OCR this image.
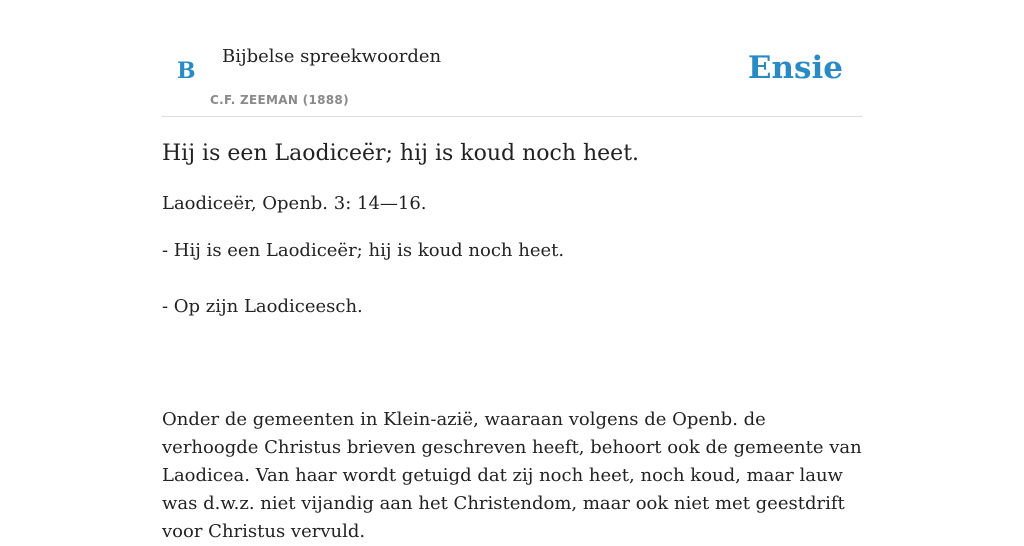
B
Bijbelse spreekwoorden
C.F. ZEEMAN (1888)
Ensie
Hij is een Laodiceër; hij is koud noch heet.

Laodiceër, Openb. 3: 14—16.

- Hij is een Laodiceër; hij is koud noch heet.

- Op zijn Laodiceesch.

Onder de gemeenten in Klein-azië, waaraan volgens de Openb. de verhoogde Christus brieven geschreven heeft, behoort ook de gemeente van Laodicea. Van haar wordt getuigd dat zij noch heet, noch koud, maar lauw was d.w.z. niet vijandig aan het Christendom, maar ook niet met geestdrift voor Christus vervuld.
